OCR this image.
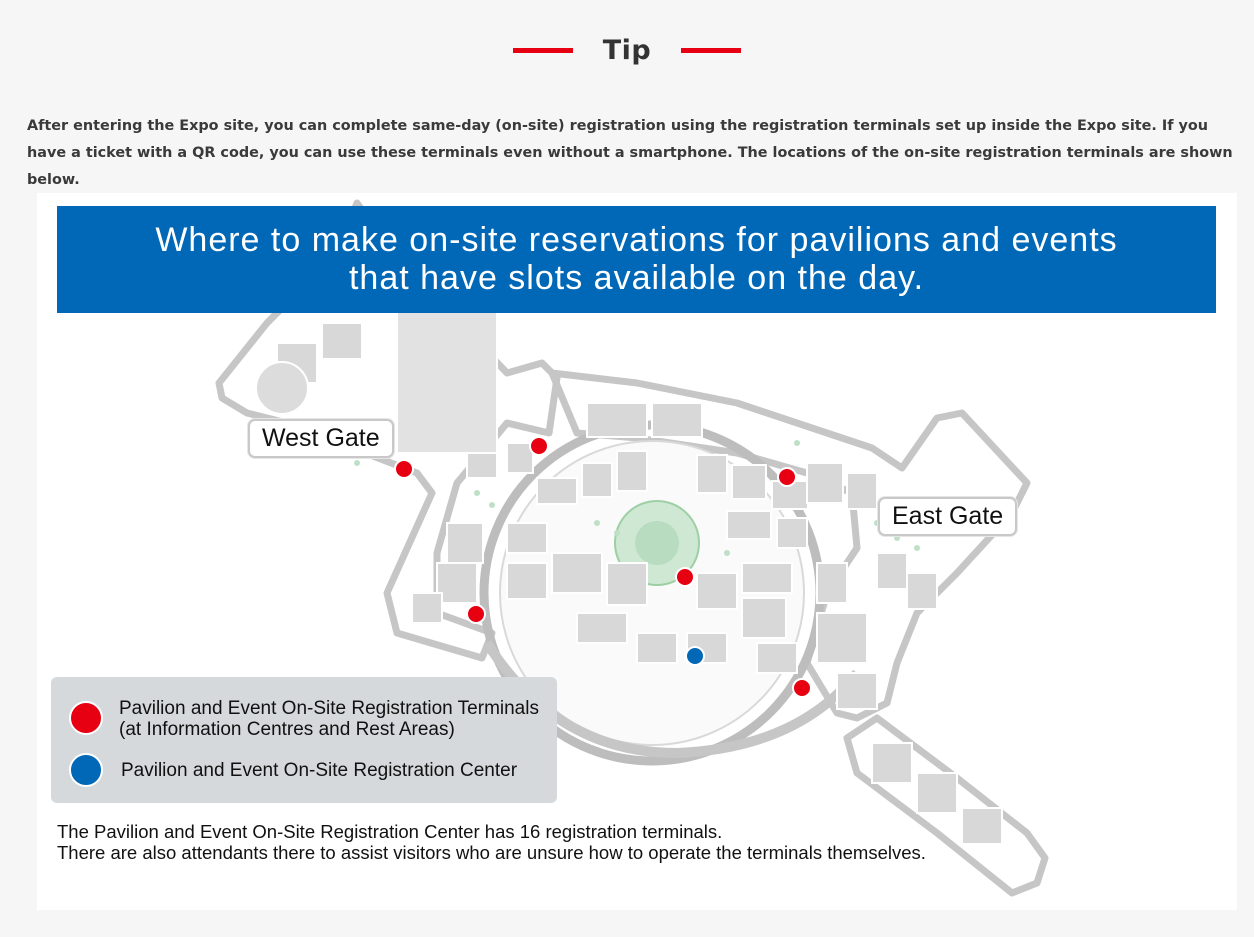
Tip

After entering the Expo site, you can complete same-day (on-site) registration using the registration terminals set up inside the Expo site. If you have a ticket with a QR code, you can use these terminals even without a smartphone. The locations of the on-site registration terminals are shown below.

Where to make on-site reservations for pavilions and events
that have slots available on the day.
West Gate
East Gate
Pavilion and Event On-Site Registration Terminals
(at Information Centres and Rest Areas)
Pavilion and Event On-Site Registration Center
The Pavilion and Event On-Site Registration Center has 16 registration terminals.
There are also attendants there to assist visitors who are unsure how to operate the terminals themselves.
